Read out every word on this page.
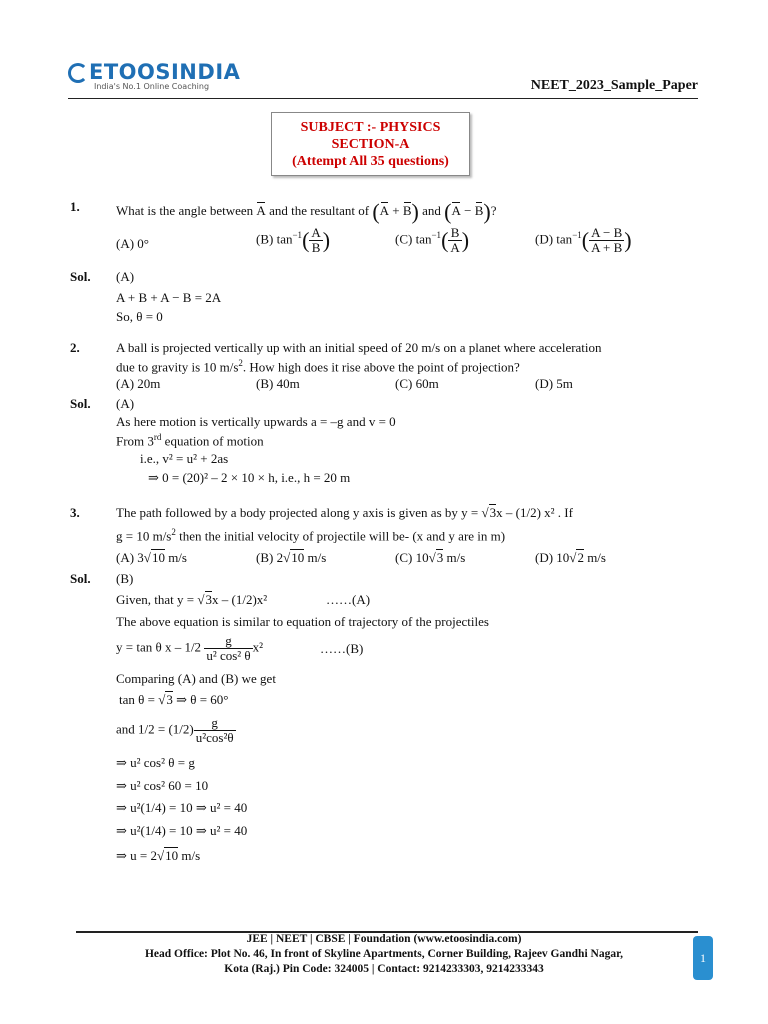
ETOOSINDIA
India's No.1 Online Coaching	NEET_2023_Sample_Paper
SUBJECT :- PHYSICS
SECTION-A
(Attempt All 35 questions)
1.	What is the angle between A and the resultant of (A + B) and (A − B)?
(A) 0°	(B) $\tan^{-1}( \frac{A}{B}$ )	(C) $\tan^{-1}( \frac{B}{A}$ )	(D) $\tan^{-1}( \frac{A - B}{A + B}$ )
Sol. (A)
A + B + A − B = 2A
So, θ = 0
2.	A ball is projected vertically up with an initial speed of 20 m/s on a planet where acceleration
due to gravity is 10 $m/s^2$. How high does it rise above the point of projection?
(A) 20m	(B) 40m	(C) 60m	(D) 5m
Sol. (A)
As here motion is vertically upwards a = –g and v = 0
From 3rd equation of motion
i.e., v² = u² + 2as
⇒ 0 = (20)² – 2 × 10 × h, i.e., h = 20 m
3.	The path followed by a body projected along y axis is given as by y = √3x – (1/2) x² . If
g = 10 $m/s^2$ then the initial velocity of projectile will be- (x and y are in m)
(A) 3√10 m/s	(B) 2√10 m/s	(C) 10√3 m/s	(D) 10√2 m/s
Sol. (B)
Given, that y = √3x – (1/2)x²	……(A)
The above equation is similar to equation of trajectory of the projectiles
y = tan θ x – $1/2 \frac{g}{\text{u² cos² θ}} x^2$	……(B)
Comparing (A) and (B) we get
tan θ = √3 ⇒ θ = 60°
and $1/2 = (1/2) \frac{g}{\text{u²cos²θ}}$
⇒ u² cos² θ = g
⇒ u² cos² 60 = 10
⇒ u²(1/4) = 10 ⇒ u² = 40
⇒ u²(1/4) = 10 ⇒ u² = 40
⇒ u = 2√10 m/s
JEE | NEET | CBSE | Foundation (www.etoosindia.com)
Head Office: Plot No. 46, In front of Skyline Apartments, Corner Building, Rajeev Gandhi Nagar,
Kota (Raj.) Pin Code: 324005 | Contact: 9214233303, 9214233343
1
